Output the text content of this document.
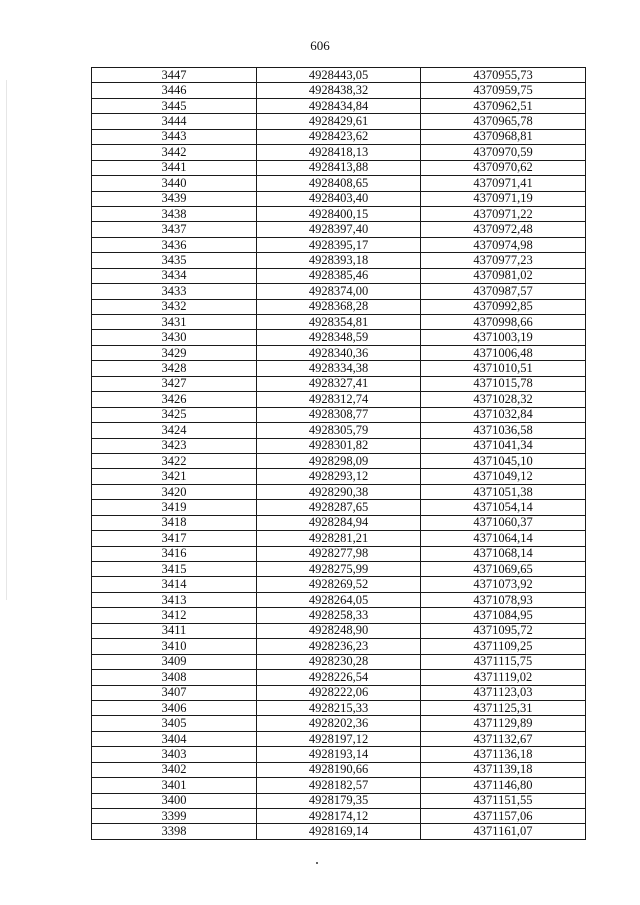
606
3447	4928443,05	4370955,73
3446	4928438,32	4370959,75
3445	4928434,84	4370962,51
3444	4928429,61	4370965,78
3443	4928423,62	4370968,81
3442	4928418,13	4370970,59
3441	4928413,88	4370970,62
3440	4928408,65	4370971,41
3439	4928403,40	4370971,19
3438	4928400,15	4370971,22
3437	4928397,40	4370972,48
3436	4928395,17	4370974,98
3435	4928393,18	4370977,23
3434	4928385,46	4370981,02
3433	4928374,00	4370987,57
3432	4928368,28	4370992,85
3431	4928354,81	4370998,66
3430	4928348,59	4371003,19
3429	4928340,36	4371006,48
3428	4928334,38	4371010,51
3427	4928327,41	4371015,78
3426	4928312,74	4371028,32
3425	4928308,77	4371032,84
3424	4928305,79	4371036,58
3423	4928301,82	4371041,34
3422	4928298,09	4371045,10
3421	4928293,12	4371049,12
3420	4928290,38	4371051,38
3419	4928287,65	4371054,14
3418	4928284,94	4371060,37
3417	4928281,21	4371064,14
3416	4928277,98	4371068,14
3415	4928275,99	4371069,65
3414	4928269,52	4371073,92
3413	4928264,05	4371078,93
3412	4928258,33	4371084,95
3411	4928248,90	4371095,72
3410	4928236,23	4371109,25
3409	4928230,28	4371115,75
3408	4928226,54	4371119,02
3407	4928222,06	4371123,03
3406	4928215,33	4371125,31
3405	4928202,36	4371129,89
3404	4928197,12	4371132,67
3403	4928193,14	4371136,18
3402	4928190,66	4371139,18
3401	4928182,57	4371146,80
3400	4928179,35	4371151,55
3399	4928174,12	4371157,06
3398	4928169,14	4371161,07
